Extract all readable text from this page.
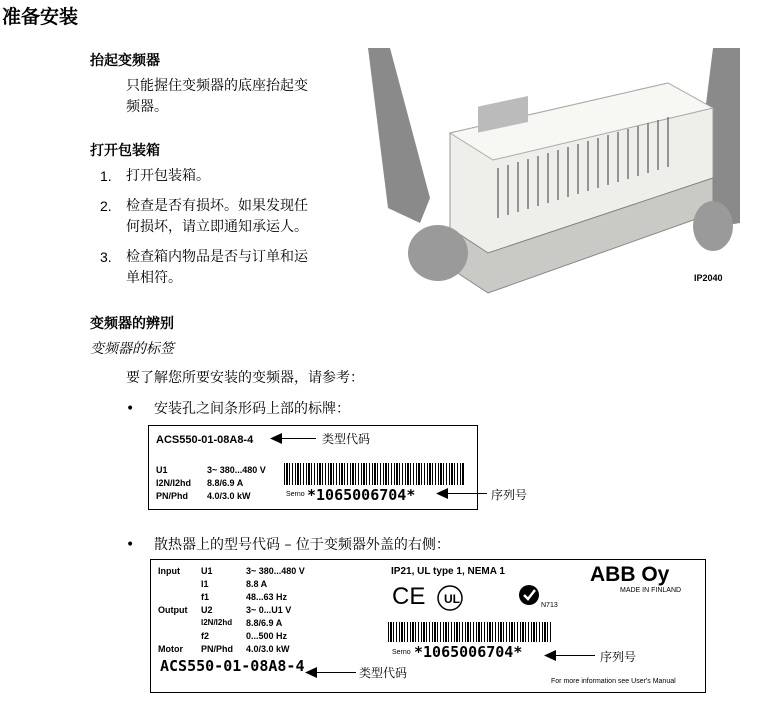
准备安装
抬起变频器
只能握住变频器的底座抬起变
频器。
打开包装箱
1. 打开包装箱。
2. 检查是否有损坏。如果发现任
何损坏，请立即通知承运人。
3. 检查箱内物品是否与订单和运
单相符。	IP2040
变频器的辨别
变频器的标签
要了解您所要安装的变频器，请参考：
• 安装孔之间条形码上部的标牌：
ACS550-01-08A8-4
U1	3~ 380...480 V
I2N/I2hd 8.8/6.9 A
PN/Phd 4.0/3.0 kW	Serno *1065006704*
类型代码
序列号
• 散热器上的型号代码 – 位于变频器外盖的右侧：
Input U1	3~ 380...480 V
I1	8.8 A
f1	48...63 Hz
Output U2	3~ 0...U1 V
I2N/I2hd 8.8/6.9 A
f2	0...500 Hz
Motor PN/Phd 4.0/3.0 kW
ACS550-01-08A8-4
IP21, UL type 1, NEMA 1	ABB Oy
MADE IN FINLAND
CE UL	N713
Serno *1065006704*
For more information see User's Manual
类型代码
序列号
